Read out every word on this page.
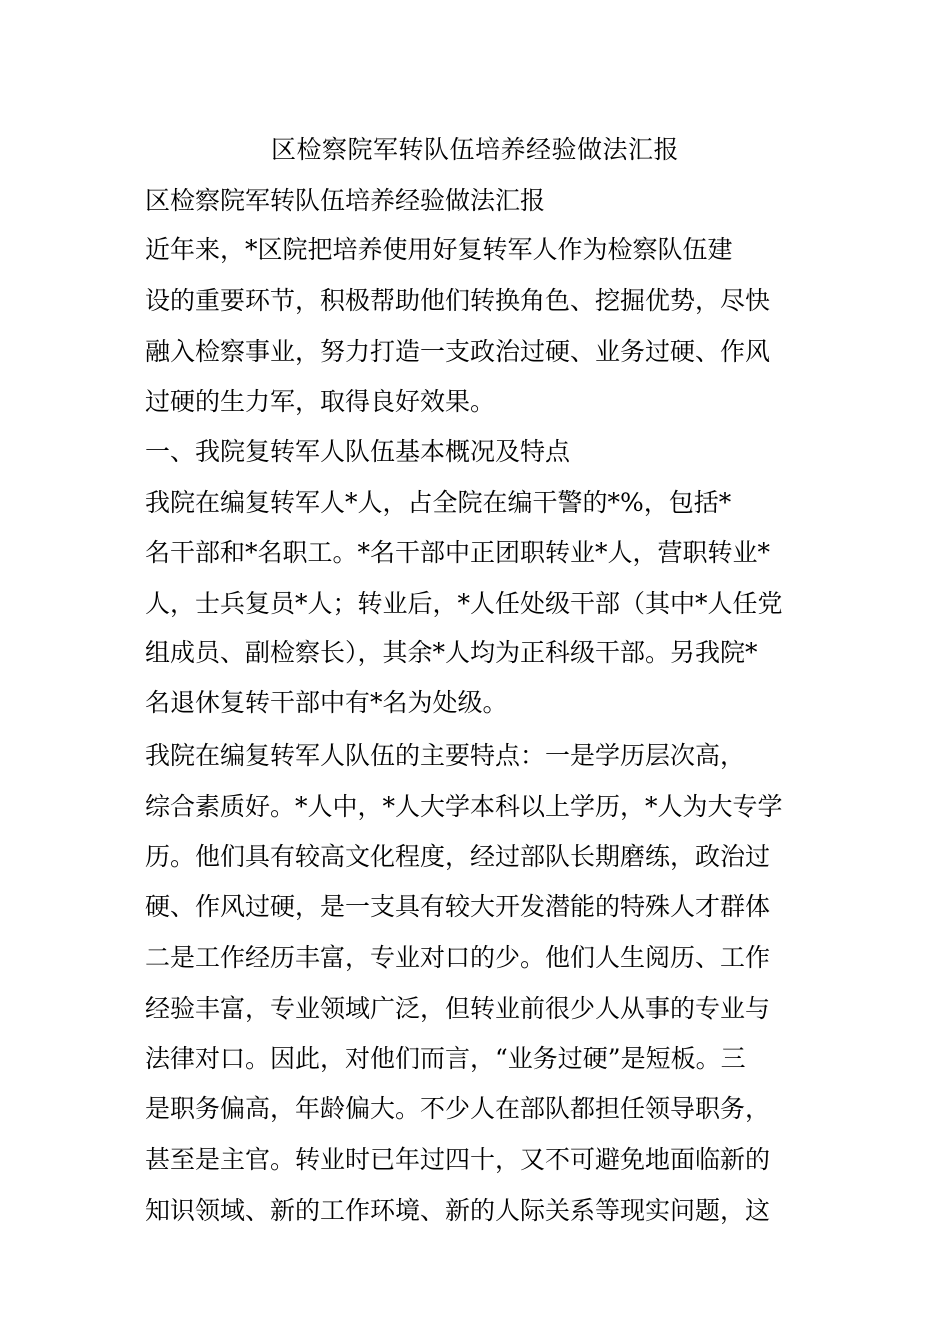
区检察院军转队伍培养经验做法汇报
区检察院军转队伍培养经验做法汇报
近年来，*区院把培养使用好复转军人作为检察队伍建
设的重要环节，积极帮助他们转换角色、挖掘优势，尽快
融入检察事业，努力打造一支政治过硬、业务过硬、作风
过硬的生力军，取得良好效果。
一、我院复转军人队伍基本概况及特点
我院在编复转军人*人，占全院在编干警的*%，包括*
名干部和*名职工。*名干部中正团职转业*人，营职转业*
人，士兵复员*人；转业后，*人任处级干部（其中*人任党
组成员、副检察长），其余*人均为正科级干部。另我院*
名退休复转干部中有*名为处级。
我院在编复转军人队伍的主要特点：一是学历层次高，
综合素质好。*人中，*人大学本科以上学历，*人为大专学
历。他们具有较高文化程度，经过部队长期磨练，政治过
硬、作风过硬，是一支具有较大开发潜能的特殊人才群体
二是工作经历丰富，专业对口的少。他们人生阅历、工作
经验丰富，专业领域广泛，但转业前很少人从事的专业与
法律对口。因此，对他们而言，“业务过硬”是短板。三
是职务偏高，年龄偏大。不少人在部队都担任领导职务，
甚至是主官。转业时已年过四十，又不可避免地面临新的
知识领域、新的工作环境、新的人际关系等现实问题，这
